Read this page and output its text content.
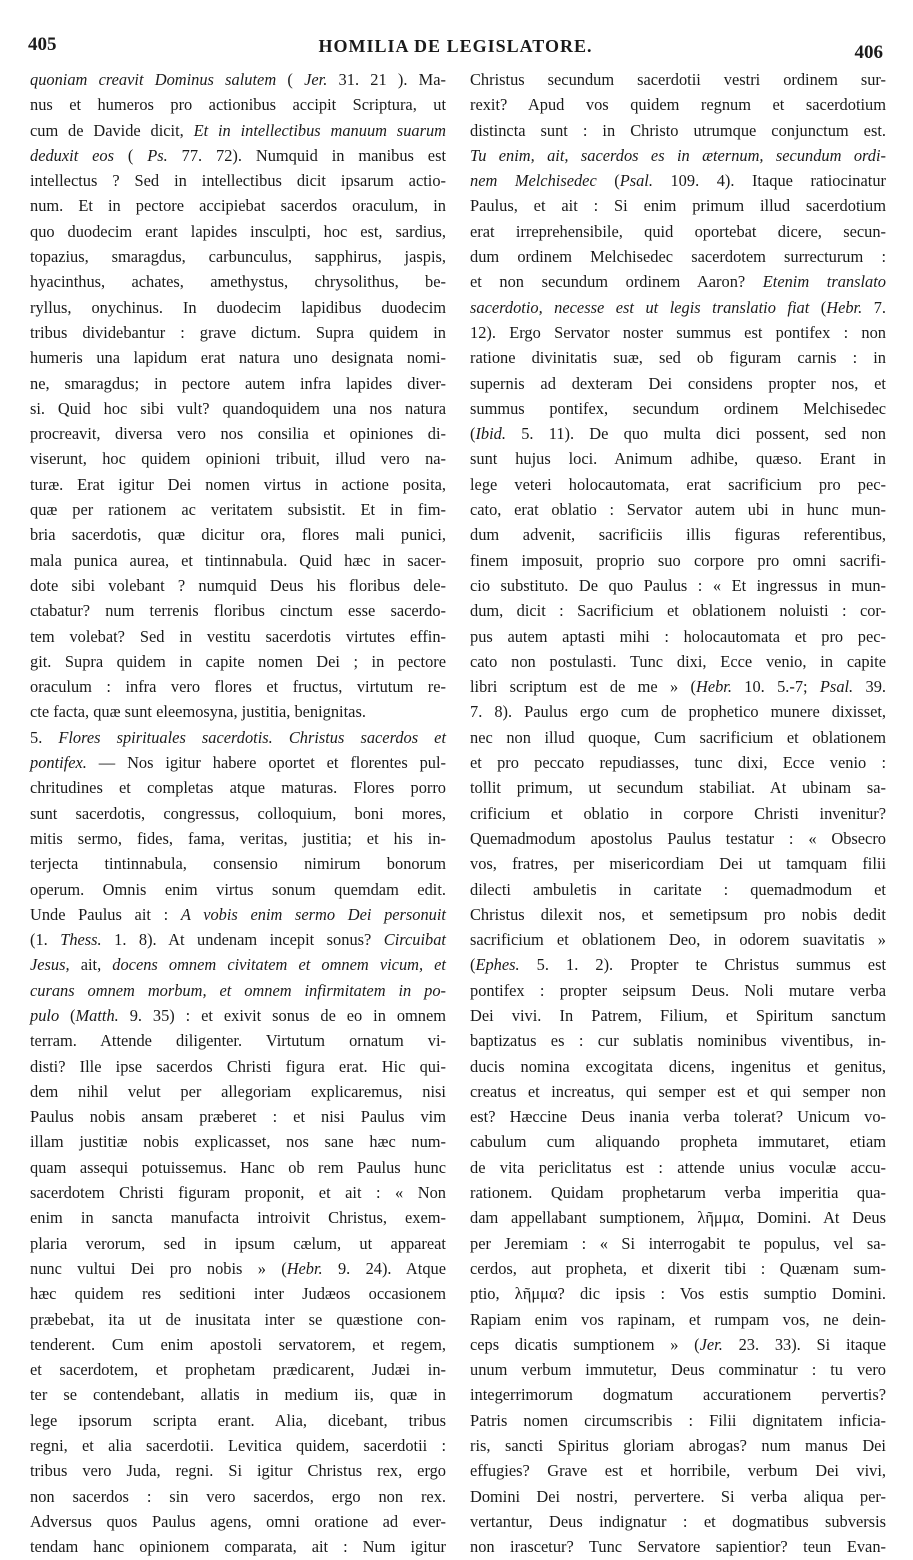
405	HOMILIA DE LEGISLATORE.	406
quoniam creavit Dominus salutem ( Jer. 31. 21 ). Ma-
nus et humeros pro actionibus accipit Scriptura, ut
cum de Davide dicit, Et in intellectibus manuum suarum
deduxit eos ( Ps. 77. 72). Numquid in manibus est
intellectus ? Sed in intellectibus dicit ipsarum actio-
num. Et in pectore accipiebat sacerdos oraculum, in
quo duodecim erant lapides insculpti, hoc est, sardius,
topazius, smaragdus, carbunculus, sapphirus, jaspis,
hyacinthus, achates, amethystus, chrysolithus, be-
ryllus, onychinus. In duodecim lapidibus duodecim
tribus dividebantur : grave dictum. Supra quidem in
humeris una lapidum erat natura uno designata nomi-
ne, smaragdus; in pectore autem infra lapides diver-
si. Quid hoc sibi vult? quandoquidem una nos natura
procreavit, diversa vero nos consilia et opiniones di-
viserunt, hoc quidem opinioni tribuit, illud vero na-
turæ. Erat igitur Dei nomen virtus in actione posita,
quæ per rationem ac veritatem subsistit. Et in fim-
bria sacerdotis, quæ dicitur ora, flores mali punici,
mala punica aurea, et tintinnabula. Quid hæc in sacer-
dote sibi volebant ? numquid Deus his floribus dele-
ctabatur? num terrenis floribus cinctum esse sacerdo-
tem volebat? Sed in vestitu sacerdotis virtutes effin-
git. Supra quidem in capite nomen Dei ; in pectore
oraculum : infra vero flores et fructus, virtutum re-
cte facta, quæ sunt eleemosyna, justitia, benignitas.
5. Flores spirituales sacerdotis. Christus sacerdos et
pontifex. — Nos igitur habere oportet et florentes pul-
chritudines et completas atque maturas. Flores porro
sunt sacerdotis, congressus, colloquium, boni mores,
mitis sermo, fides, fama, veritas, justitia; et his in-
terjecta tintinnabula, consensio nimirum bonorum
operum. Omnis enim virtus sonum quemdam edit.
Unde Paulus ait : A vobis enim sermo Dei personuit
(1. Thess. 1. 8). At undenam incepit sonus? Circuibat
Jesus, ait, docens omnem civitatem et omnem vicum, et
curans omnem morbum, et omnem infirmitatem in po-
pulo (Matth. 9. 35) : et exivit sonus de eo in omnem
terram. Attende diligenter. Virtutum ornatum vi-
disti? Ille ipse sacerdos Christi figura erat. Hic qui-
dem nihil velut per allegoriam explicaremus, nisi
Paulus nobis ansam præberet : et nisi Paulus vim
illam justitiæ nobis explicasset, nos sane hæc num-
quam assequi potuissemus. Hanc ob rem Paulus hunc
sacerdotem Christi figuram proponit, et ait : « Non
enim in sancta manufacta introivit Christus, exem-
plaria verorum, sed in ipsum cælum, ut appareat
nunc vultui Dei pro nobis » (Hebr. 9. 24). Atque
hæc quidem res seditioni inter Judæos occasionem
præbebat, ita ut de inusitata inter se quæstione con-
tenderent. Cum enim apostoli servatorem, et regem,
et sacerdotem, et prophetam prædicarent, Judæi in-
ter se contendebant, allatis in medium iis, quæ in
lege ipsorum scripta erant. Alia, dicebant, tribus
regni, et alia sacerdotii. Levitica quidem, sacerdotii :
tribus vero Juda, regni. Si igitur Christus rex, ergo
non sacerdos : sin vero sacerdos, ergo non rex.
Adversus quos Paulus agens, omni oratione ad ever-
tendam hanc opinionem comparata, ait : Num igitur
Christus secundum sacerdotii vestri ordinem sur-
rexit? Apud vos quidem regnum et sacerdotium
distincta sunt : in Christo utrumque conjunctum est.
Tu enim, ait, sacerdos es in æternum, secundum ordi-
nem Melchisedec (Psal. 109. 4). Itaque ratiocinatur
Paulus, et ait : Si enim primum illud sacerdotium
erat irreprehensibile, quid oportebat dicere, secun-
dum ordinem Melchisedec sacerdotem surrecturum :
et non secundum ordinem Aaron? Etenim translato
sacerdotio, necesse est ut legis translatio fiat (Hebr. 7.
12). Ergo Servator noster summus est pontifex : non
ratione divinitatis suæ, sed ob figuram carnis : in
supernis ad dexteram Dei considens propter nos, et
summus pontifex, secundum ordinem Melchisedec
(Ibid. 5. 11). De quo multa dici possent, sed non
sunt hujus loci. Animum adhibe, quæso. Erant in
lege veteri holocautomata, erat sacrificium pro pec-
cato, erat oblatio : Servator autem ubi in hunc mun-
dum advenit, sacrificiis illis figuras referentibus,
finem imposuit, proprio suo corpore pro omni sacrifi-
cio substituto. De quo Paulus : « Et ingressus in mun-
dum, dicit : Sacrificium et oblationem noluisti : cor-
pus autem aptasti mihi : holocautomata et pro pec-
cato non postulasti. Tunc dixi, Ecce venio, in capite
libri scriptum est de me » (Hebr. 10. 5.-7; Psal. 39.
7. 8). Paulus ergo cum de prophetico munere dixisset,
nec non illud quoque, Cum sacrificium et oblationem
et pro peccato repudiasses, tunc dixi, Ecce venio :
tollit primum, ut secundum stabiliat. At ubinam sa-
crificium et oblatio in corpore Christi invenitur?
Quemadmodum apostolus Paulus testatur : « Obsecro
vos, fratres, per misericordiam Dei ut tamquam filii
dilecti ambuletis in caritate : quemadmodum et
Christus dilexit nos, et semetipsum pro nobis dedit
sacrificium et oblationem Deo, in odorem suavitatis »
(Ephes. 5. 1. 2). Propter te Christus summus est
pontifex : propter seipsum Deus. Noli mutare verba
Dei vivi. In Patrem, Filium, et Spiritum sanctum
baptizatus es : cur sublatis nominibus viventibus, in-
ducis nomina excogitata dicens, ingenitus et genitus,
creatus et increatus, qui semper est et qui semper non
est? Hæccine Deus inania verba tolerat? Unicum vo-
cabulum cum aliquando propheta immutaret, etiam
de vita periclitatus est : attende unius voculæ accu-
rationem. Quidam prophetarum verba imperitia qua-
dam appellabant sumptionem, λῆμμα, Domini. At Deus
per Jeremiam : « Si interrogabit te populus, vel sa-
cerdos, aut propheta, et dixerit tibi : Quænam sum-
ptio, λῆμμα? dic ipsis : Vos estis sumptio Domini.
Rapiam enim vos rapinam, et rumpam vos, ne dein-
ceps dicatis sumptionem » (Jer. 23. 33). Si itaque
unum verbum immutetur, Deus comminatur : tu vero
integerrimorum dogmatum accurationem pervertis?
Patris nomen circumscribis : Filii dignitatem inficia-
ris, sancti Spiritus gloriam abrogas? num manus Dei
effugies? Grave est et horribile, verbum Dei vivi,
Domini Dei nostri, pervertere. Si verba aliqua per-
vertantur, Deus indignatur : et dogmatibus subversis
non irascetur? Tunc Servatore sapientior? teun Evan-
